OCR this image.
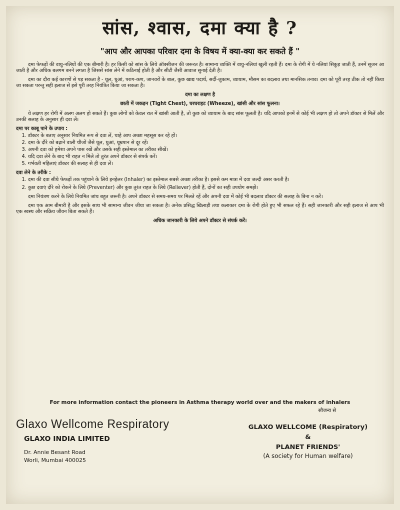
सांस, श्वास, दमा क्या है ?
"आप और आपका परिवार दमा के विषय में क्या-क्या कर सकते हैं "

दमा फेफड़ों की वायु-नलियों की एक बीमारी है। हर किसी को सांस के लिये ऑक्सीजन की जरूरत है। सामान्य व्यक्ति में वायु-नलियां खुली रहती हैं। दमा के रोगी में ये नलियां सिकुड़ जाती हैं, उनमें सूजन आ जाती है और अधिक बलगम बनने लगता है जिससे सांस लेने में कठिनाई होती है और सीटी जैसी आवाज सुनाई देती है।

दमा का दौरा कई कारणों से पड़ सकता है - धूल, धुआं, पराग-कण, जानवरों के बाल, कुछ खाद्य पदार्थ, सर्दी-जुकाम, व्यायाम, मौसम का बदलाव तथा मानसिक तनाव। दमा को पूरी तरह ठीक तो नहीं किया जा सकता परन्तु सही इलाज से इसे पूरी तरह नियंत्रित किया जा सकता है।

दमा का लक्षण है

छाती में जकड़न (Tight Chest), घरघराहट (Wheeze), खांसी और सांस फूलना।

ये लक्षण हर रोगी में अलग अलग हो सकते हैं। कुछ लोगों को केवल रात में खांसी आती है, तो कुछ को व्यायाम के बाद सांस फूलती है। यदि आपको इनमें से कोई भी लक्षण हो तो अपने डॉक्टर से मिलें और उनकी सलाह के अनुसार ही दवा लें।

दमा पर काबू पाने के उपाय :

1. डॉक्टर के बताए अनुसार नियमित रूप से दवा लें, चाहे आप अच्छा महसूस कर रहे हों।
2. दमा के दौरे को बढ़ाने वाली चीजों जैसे धूल, धुआं, धूम्रपान से दूर रहें।
3. अपनी दवा को हमेशा अपने पास रखें और उसके सही इस्तेमाल का तरीका सीखें।
4. यदि दवा लेने के बाद भी राहत न मिले तो तुरंत अपने डॉक्टर से संपर्क करें।
5. गर्भवती महिलाएं डॉक्टर की सलाह से ही दवा लें।

दवा लेने के तरीके :

1. दमा की दवा सीधे फेफड़ों तक पहुंचाने के लिये इनहेलर (Inhaler) का इस्तेमाल सबसे अच्छा तरीका है। इससे कम मात्रा में दवा जल्दी असर करती है।
2. कुछ दवाएं दौरे को रोकने के लिये (Preventer) और कुछ तुरंत राहत के लिये (Reliever) होती हैं, दोनों का सही उपयोग समझें।

दमा नियंत्रण करने के लिये नियमित जांच बहुत जरूरी है। अपने डॉक्टर से समय-समय पर मिलते रहें और अपनी दवा में कोई भी बदलाव डॉक्टर की सलाह के बिना न करें।

दमा एक आम बीमारी है और इसके साथ भी सामान्य जीवन जीया जा सकता है। अनेक प्रसिद्ध खिलाड़ी तथा कलाकार दमा के रोगी होते हुए भी सफल रहे हैं। सही जानकारी और सही इलाज से आप भी एक स्वस्थ और सक्रिय जीवन बिता सकते हैं।

अधिक जानकारी के लिये अपने डॉक्टर से संपर्क करें।

For more information contact the pioneers in Asthma therapy world over and the makers of inhalers
सौजन्य से
Glaxo Wellcome Respiratory
GLAXO INDIA LIMITED
Dr. Annie Besant Road
Worli, Mumbai 400025
GLAXO WELLCOME (Respiratory)
&
PLANET FRIENDS'
(A society for Human welfare)
